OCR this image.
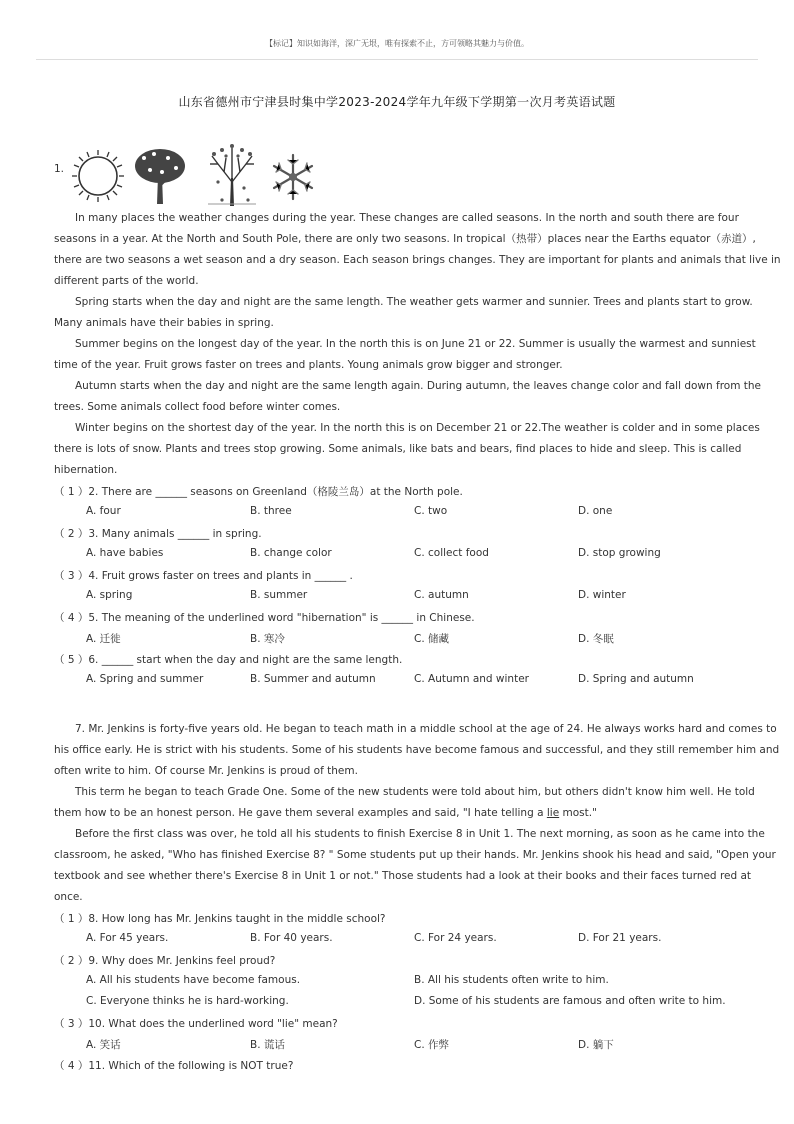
【标记】知识如海洋，深广无垠，唯有探索不止，方可领略其魅力与价值。
山东省德州市宁津县时集中学2023-2024学年九年级下学期第一次月考英语试题
1.
In many places the weather changes during the year. These changes are called seasons. In the north and south there are four
seasons in a year. At the North and South Pole, there are only two seasons. In tropical（热带）places near the Earths equator（赤道）,
there are two seasons a wet season and a dry season. Each season brings changes. They are important for plants and animals that live in
different parts of the world.
Spring starts when the day and night are the same length. The weather gets warmer and sunnier. Trees and plants start to grow.
Many animals have their babies in spring.
Summer begins on the longest day of the year. In the north this is on June 21 or 22. Summer is usually the warmest and sunniest
time of the year. Fruit grows faster on trees and plants. Young animals grow bigger and stronger.
Autumn starts when the day and night are the same length again. During autumn, the leaves change color and fall down from the
trees. Some animals collect food before winter comes.
Winter begins on the shortest day of the year. In the north this is on December 21 or 22.The weather is colder and in some places
there is lots of snow. Plants and trees stop growing. Some animals, like bats and bears, find places to hide and sleep. This is called
hibernation.
（ 1 ）2. There are ______ seasons on Greenland（格陵兰岛）at the North pole.
A. four	B. three	C. two	D. one
（ 2 ）3. Many animals ______ in spring.
A. have babies	B. change color	C. collect food	D. stop growing
（ 3 ）4. Fruit grows faster on trees and plants in ______ .
A. spring	B. summer	C. autumn	D. winter
（ 4 ）5. The meaning of the underlined word "hibernation" is ______ in Chinese.
A. 迁徙	B. 寒冷	C. 储藏	D. 冬眠
（ 5 ）6. ______ start when the day and night are the same length.
A. Spring and summer	B. Summer and autumn	C. Autumn and winter	D. Spring and autumn
7. Mr. Jenkins is forty-five years old. He began to teach math in a middle school at the age of 24. He always works hard and comes to
his office early. He is strict with his students. Some of his students have become famous and successful, and they still remember him and
often write to him. Of course Mr. Jenkins is proud of them.
This term he began to teach Grade One. Some of the new students were told about him, but others didn't know him well. He told
them how to be an honest person. He gave them several examples and said, "I hate telling a lie most."
Before the first class was over, he told all his students to finish Exercise 8 in Unit 1. The next morning, as soon as he came into the
classroom, he asked, "Who has finished Exercise 8? " Some students put up their hands. Mr. Jenkins shook his head and said, "Open your
textbook and see whether there's Exercise 8 in Unit 1 or not." Those students had a look at their books and their faces turned red at
once.
（ 1 ）8. How long has Mr. Jenkins taught in the middle school?
A. For 45 years.	B. For 40 years.	C. For 24 years.	D. For 21 years.
（ 2 ）9. Why does Mr. Jenkins feel proud?
A. All his students have become famous.	B. All his students often write to him.
C. Everyone thinks he is hard-working.	D. Some of his students are famous and often write to him.
（ 3 ）10. What does the underlined word "lie" mean?
A. 笑话	B. 谎话	C. 作弊	D. 躺下
（ 4 ）11. Which of the following is NOT true?
